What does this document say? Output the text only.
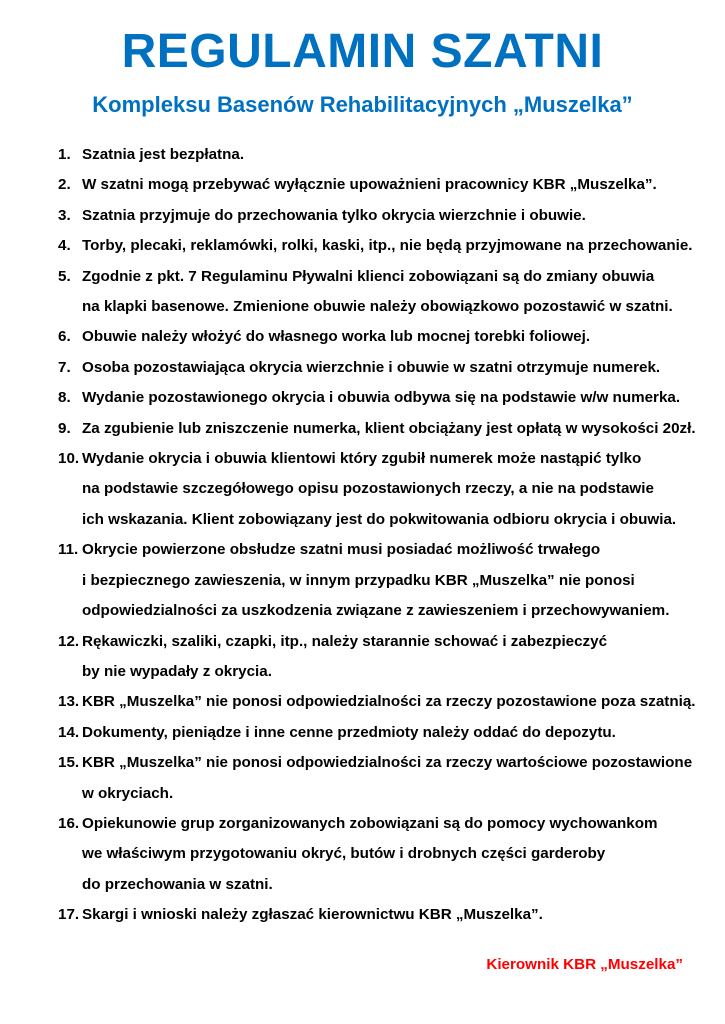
REGULAMIN SZATNI
Kompleksu Basenów Rehabilitacyjnych „Muszelka”
1. Szatnia jest bezpłatna.
2. W szatni mogą przebywać wyłącznie upoważnieni pracownicy KBR „Muszelka”.
3. Szatnia przyjmuje do przechowania tylko okrycia wierzchnie i obuwie.
4. Torby, plecaki, reklamówki, rolki, kaski, itp., nie będą przyjmowane na przechowanie.
5. Zgodnie z pkt. 7 Regulaminu Pływalni klienci zobowiązani są do zmiany obuwia
na klapki basenowe. Zmienione obuwie należy obowiązkowo pozostawić w szatni.
6. Obuwie należy włożyć do własnego worka lub mocnej torebki foliowej.
7. Osoba pozostawiająca okrycia wierzchnie i obuwie w szatni otrzymuje numerek.
8. Wydanie pozostawionego okrycia i obuwia odbywa się na podstawie w/w numerka.
9. Za zgubienie lub zniszczenie numerka, klient obciążany jest opłatą w wysokości 20zł.
10. Wydanie okrycia i obuwia klientowi który zgubił numerek może nastąpić tylko
na podstawie szczegółowego opisu pozostawionych rzeczy, a nie na podstawie
ich wskazania. Klient zobowiązany jest do pokwitowania odbioru okrycia i obuwia.
11. Okrycie powierzone obsłudze szatni musi posiadać możliwość trwałego
i bezpiecznego zawieszenia, w innym przypadku KBR „Muszelka” nie ponosi
odpowiedzialności za uszkodzenia związane z zawieszeniem i przechowywaniem.
12. Rękawiczki, szaliki, czapki, itp., należy starannie schować i zabezpieczyć
by nie wypadały z okrycia.
13. KBR „Muszelka” nie ponosi odpowiedzialności za rzeczy pozostawione poza szatnią.
14. Dokumenty, pieniądze i inne cenne przedmioty należy oddać do depozytu.
15. KBR „Muszelka” nie ponosi odpowiedzialności za rzeczy wartościowe pozostawione
w okryciach.
16. Opiekunowie grup zorganizowanych zobowiązani są do pomocy wychowankom
we właściwym przygotowaniu okryć, butów i drobnych części garderoby
do przechowania w szatni.
17. Skargi i wnioski należy zgłaszać kierownictwu KBR „Muszelka”.

Kierownik KBR „Muszelka”
